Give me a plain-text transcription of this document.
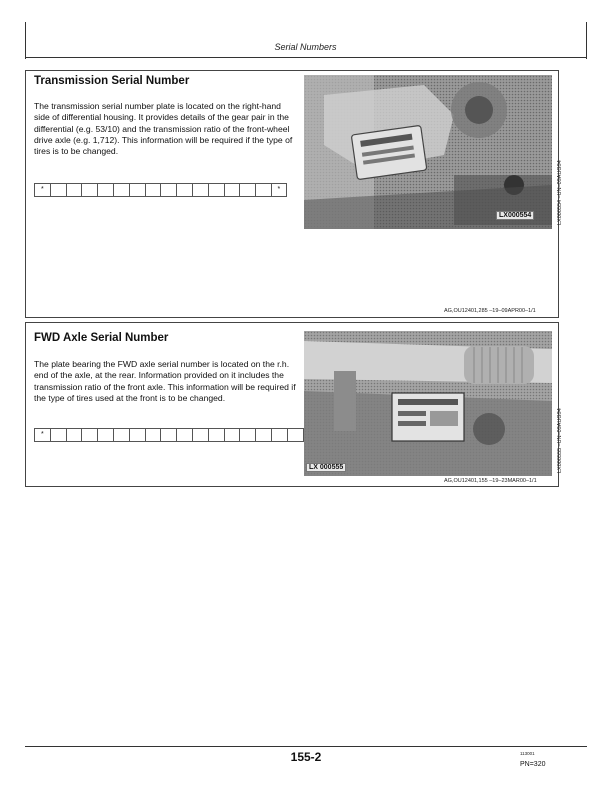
Serial Numbers
Transmission Serial Number
The transmission serial number plate is located on the right-hand side of differential housing. It provides details of the gear pair in the differential (e.g. 53/10) and the transmission ratio of the front-wheel drive axle (e.g. 1,712). This information will be required if the type of tires is to be changed.
*	*
LX000554	LX000554 –UN–09AUG94
AG,OU12401,285 –19–09APR00–1/1
FWD Axle Serial Number
The plate bearing the FWD axle serial number is located on the r.h. end of the axle, at the rear. Information provided on it includes the transmission ratio of the front axle. This information will be required if the type of tires used at the front is to be changed.
*
LX 000555	LX000555 –UN–09AUG94
AG,OU12401,155 –19–23MAR00–1/1
155-2	113001
PN=320
